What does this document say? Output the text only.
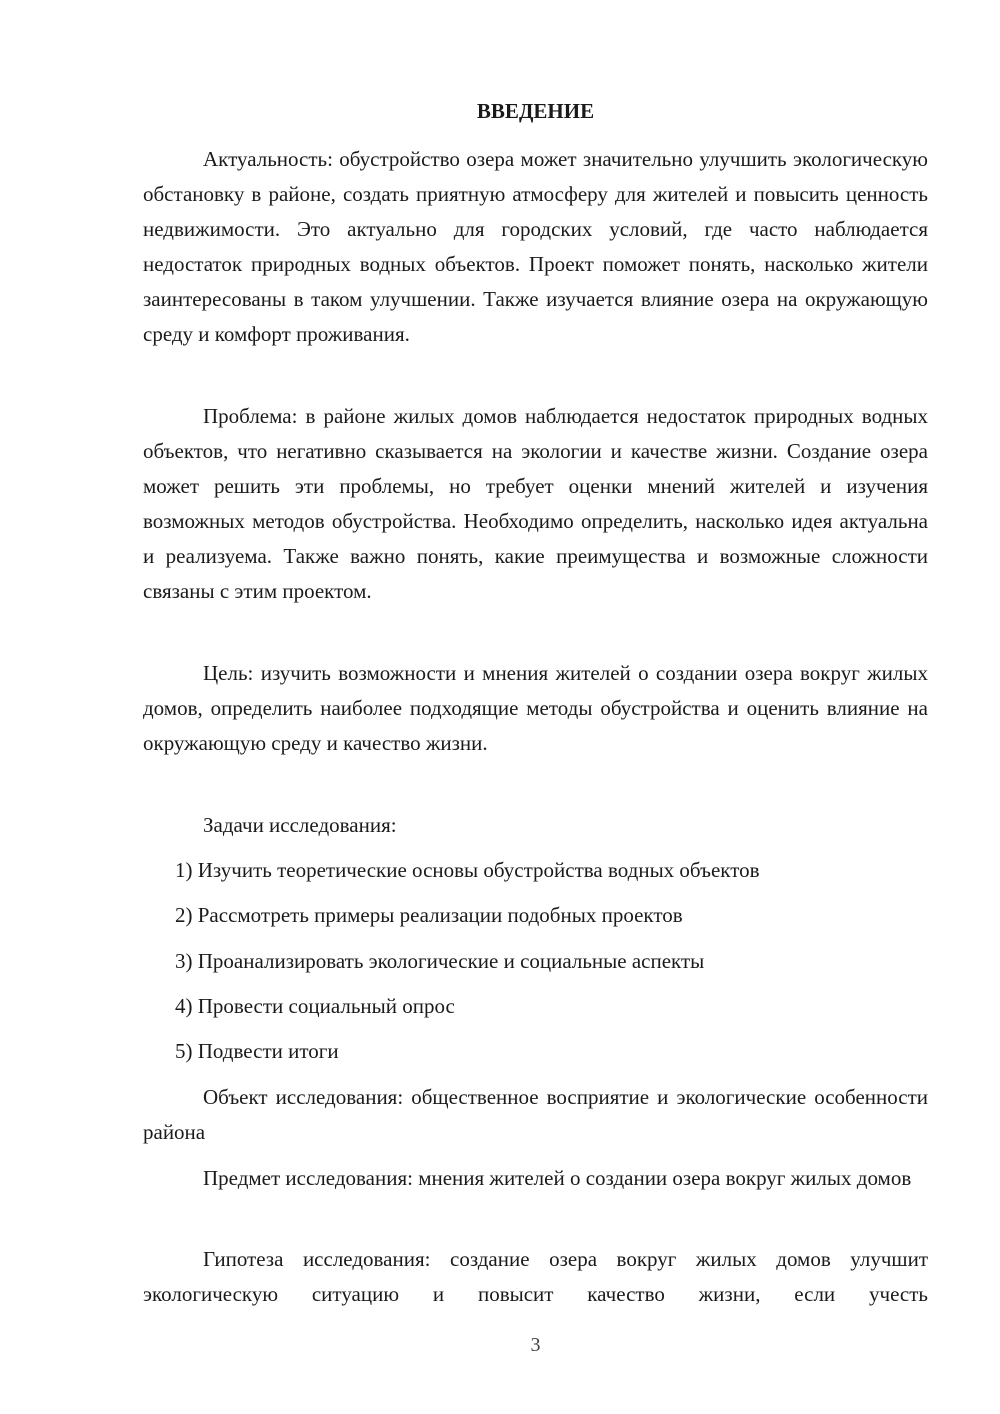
ВВЕДЕНИЕ

Актуальность: обустройство озера может значительно улучшить экологическую обстановку в районе, создать приятную атмосферу для жителей и повысить ценность недвижимости. Это актуально для городских условий, где часто наблюдается недостаток природных водных объектов. Проект поможет понять, насколько жители заинтересованы в таком улучшении. Также изучается влияние озера на окружающую среду и комфорт проживания.

Проблема: в районе жилых домов наблюдается недостаток природных водных объектов, что негативно сказывается на экологии и качестве жизни. Создание озера может решить эти проблемы, но требует оценки мнений жителей и изучения возможных методов обустройства. Необходимо определить, насколько идея актуальна и реализуема. Также важно понять, какие преимущества и возможные сложности связаны с этим проектом.

Цель: изучить возможности и мнения жителей о создании озера вокруг жилых домов, определить наиболее подходящие методы обустройства и оценить влияние на окружающую среду и качество жизни.

Задачи исследования:

1) Изучить теоретические основы обустройства водных объектов

2) Рассмотреть примеры реализации подобных проектов

3) Проанализировать экологические и социальные аспекты

4) Провести социальный опрос

5) Подвести итоги

Объект исследования: общественное восприятие и экологические особенности района

Предмет исследования: мнения жителей о создании озера вокруг жилых домов

Гипотеза исследования: создание озера вокруг жилых домов улучшит экологическую ситуацию и повысит качество жизни, если учесть

3
